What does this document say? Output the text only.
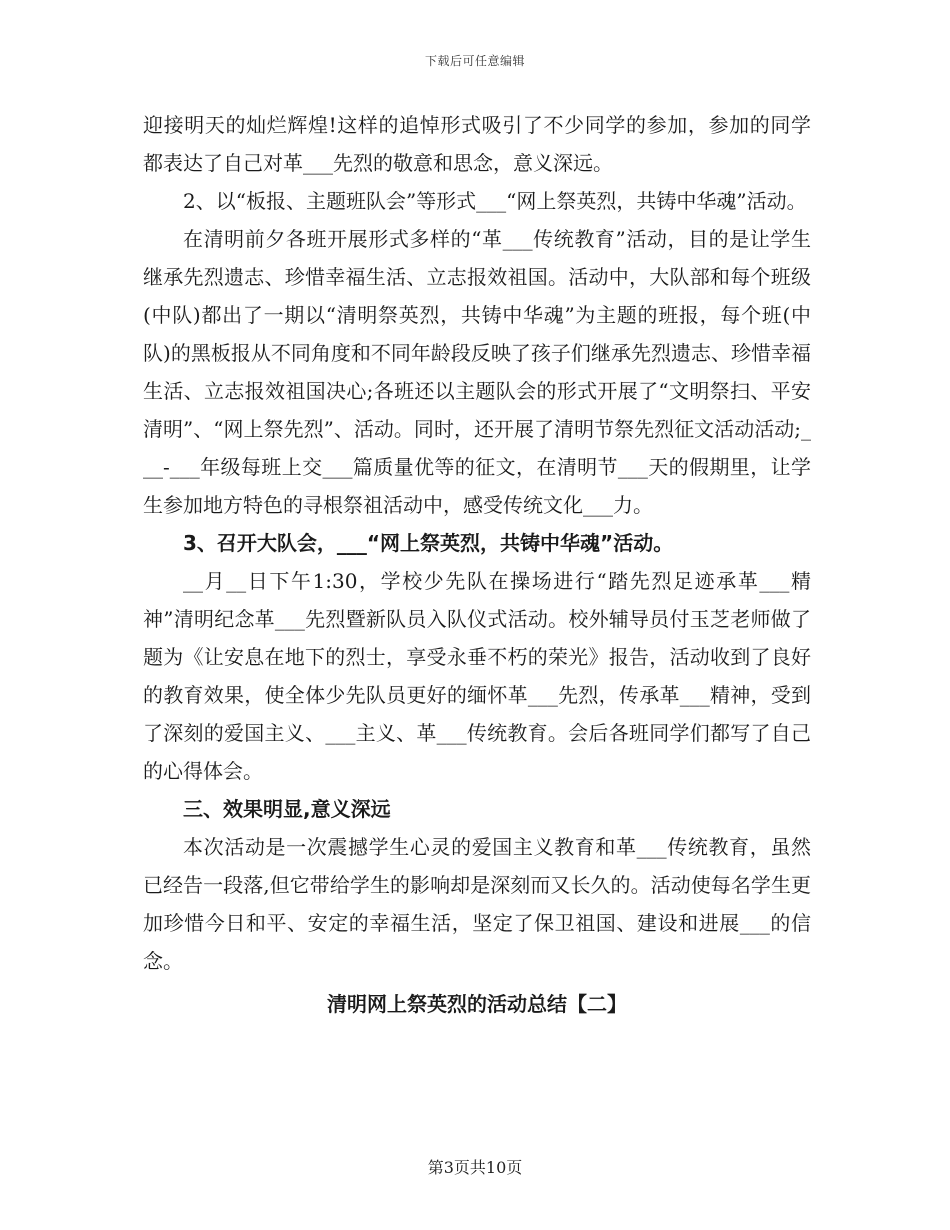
下载后可任意编辑

迎接明天的灿烂辉煌!这样的追悼形式吸引了不少同学的参加，参加的同学都表达了自己对革___先烈的敬意和思念，意义深远。

2、以“板报、主题班队会”等形式___“网上祭英烈，共铸中华魂”活动。

在清明前夕各班开展形式多样的“革___传统教育”活动，目的是让学生继承先烈遗志、珍惜幸福生活、立志报效祖国。活动中，大队部和每个班级(中队)都出了一期以“清明祭英烈，共铸中华魂”为主题的班报，每个班(中队)的黑板报从不同角度和不同年龄段反映了孩子们继承先烈遗志、珍惜幸福生活、立志报效祖国决心;各班还以主题队会的形式开展了“文明祭扫、平安清明”、“网上祭先烈”、活动。同时，还开展了清明节祭先烈征文活动活动;___-___年级每班上交___篇质量优等的征文，在清明节___天的假期里，让学生参加地方特色的寻根祭祖活动中，感受传统文化___力。

3、召开大队会，___“网上祭英烈，共铸中华魂”活动。

__月__日下午1:30，学校少先队在操场进行“踏先烈足迹承革___精神”清明纪念革___先烈暨新队员入队仪式活动。校外辅导员付玉芝老师做了题为《让安息在地下的烈士，享受永垂不朽的荣光》报告，活动收到了良好的教育效果，使全体少先队员更好的缅怀革___先烈，传承革___精神，受到了深刻的爱国主义、___主义、革___传统教育。会后各班同学们都写了自己的心得体会。

三、效果明显,意义深远

本次活动是一次震撼学生心灵的爱国主义教育和革___传统教育，虽然已经告一段落,但它带给学生的影响却是深刻而又长久的。活动使每名学生更加珍惜今日和平、安定的幸福生活，坚定了保卫祖国、建设和进展___的信念。

清明网上祭英烈的活动总结【二】

第3页共10页
